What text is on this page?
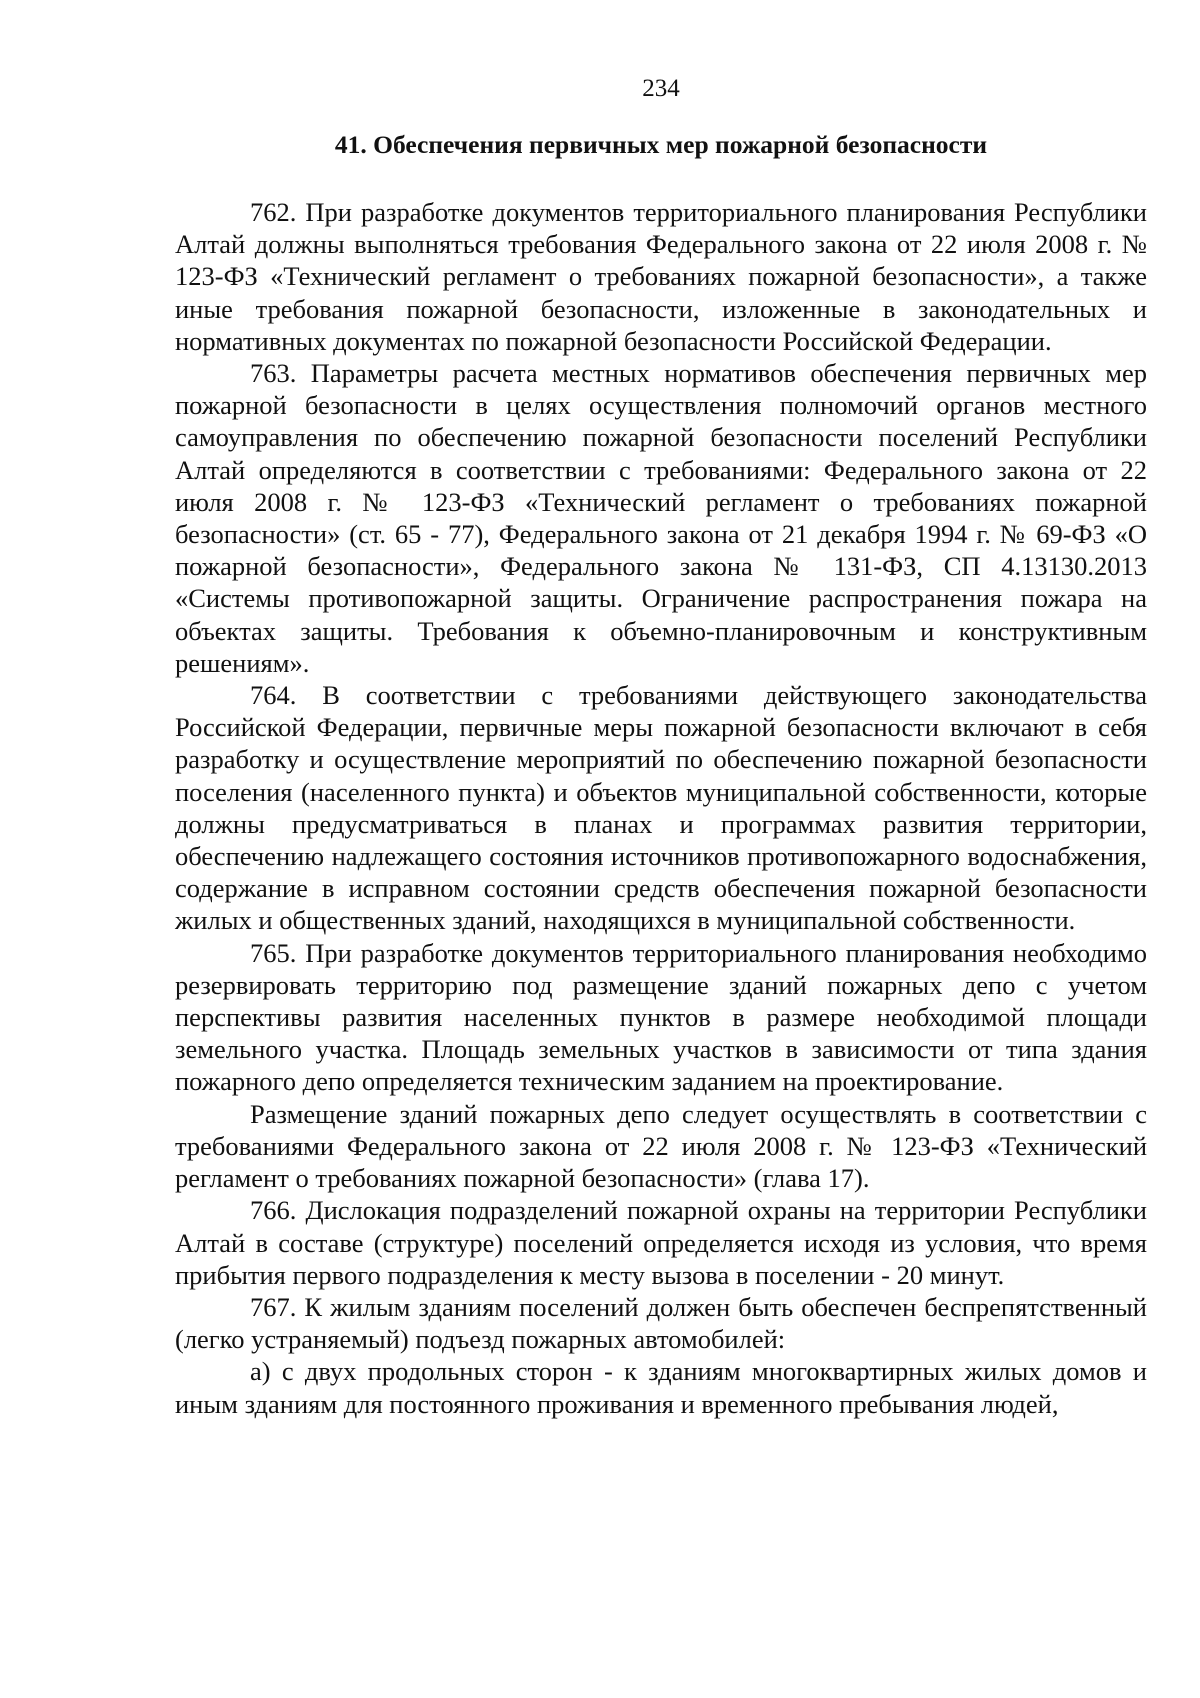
234
41. Обеспечения первичных мер пожарной безопасности

762. При разработке документов территориального планирования Республики Алтай должны выполняться требования Федерального закона от 22 июля 2008 г. № 123-ФЗ «Технический регламент о требованиях пожарной безопасности», а также иные требования пожарной безопасности, изложенные в законодательных и нормативных документах по пожарной безопасности Российской Федерации.

763. Параметры расчета местных нормативов обеспечения первичных мер пожарной безопасности в целях осуществления полномочий органов местного самоуправления по обеспечению пожарной безопасности поселений Республики Алтай определяются в соответствии с требованиями: Федерального закона от 22 июля 2008 г. № 123-ФЗ «Технический регламент о требованиях пожарной безопасности» (ст. 65 - 77), Федерального закона от 21 декабря 1994 г. № 69-ФЗ «О пожарной безопасности», Федерального закона № 131-ФЗ, СП 4.13130.2013 «Системы противопожарной защиты. Ограничение распространения пожара на объектах защиты. Требования к объемно-планировочным и конструктивным решениям».

764. В соответствии с требованиями действующего законодательства Российской Федерации, первичные меры пожарной безопасности включают в себя разработку и осуществление мероприятий по обеспечению пожарной безопасности поселения (населенного пункта) и объектов муниципальной собственности, которые должны предусматриваться в планах и программах развития территории, обеспечению надлежащего состояния источников противопожарного водоснабжения, содержание в исправном состоянии средств обеспечения пожарной безопасности жилых и общественных зданий, находящихся в муниципальной собственности.

765. При разработке документов территориального планирования необходимо резервировать территорию под размещение зданий пожарных депо с учетом перспективы развития населенных пунктов в размере необходимой площади земельного участка. Площадь земельных участков в зависимости от типа здания пожарного депо определяется техническим заданием на проектирование.

Размещение зданий пожарных депо следует осуществлять в соответствии с требованиями Федерального закона от 22 июля 2008 г. № 123-ФЗ «Технический регламент о требованиях пожарной безопасности» (глава 17).

766. Дислокация подразделений пожарной охраны на территории Республики Алтай в составе (структуре) поселений определяется исходя из условия, что время прибытия первого подразделения к месту вызова в поселении - 20 минут.

767. К жилым зданиям поселений должен быть обеспечен беспрепятственный (легко устраняемый) подъезд пожарных автомобилей:

а) с двух продольных сторон - к зданиям многоквартирных жилых домов и иным зданиям для постоянного проживания и временного пребывания людей,
